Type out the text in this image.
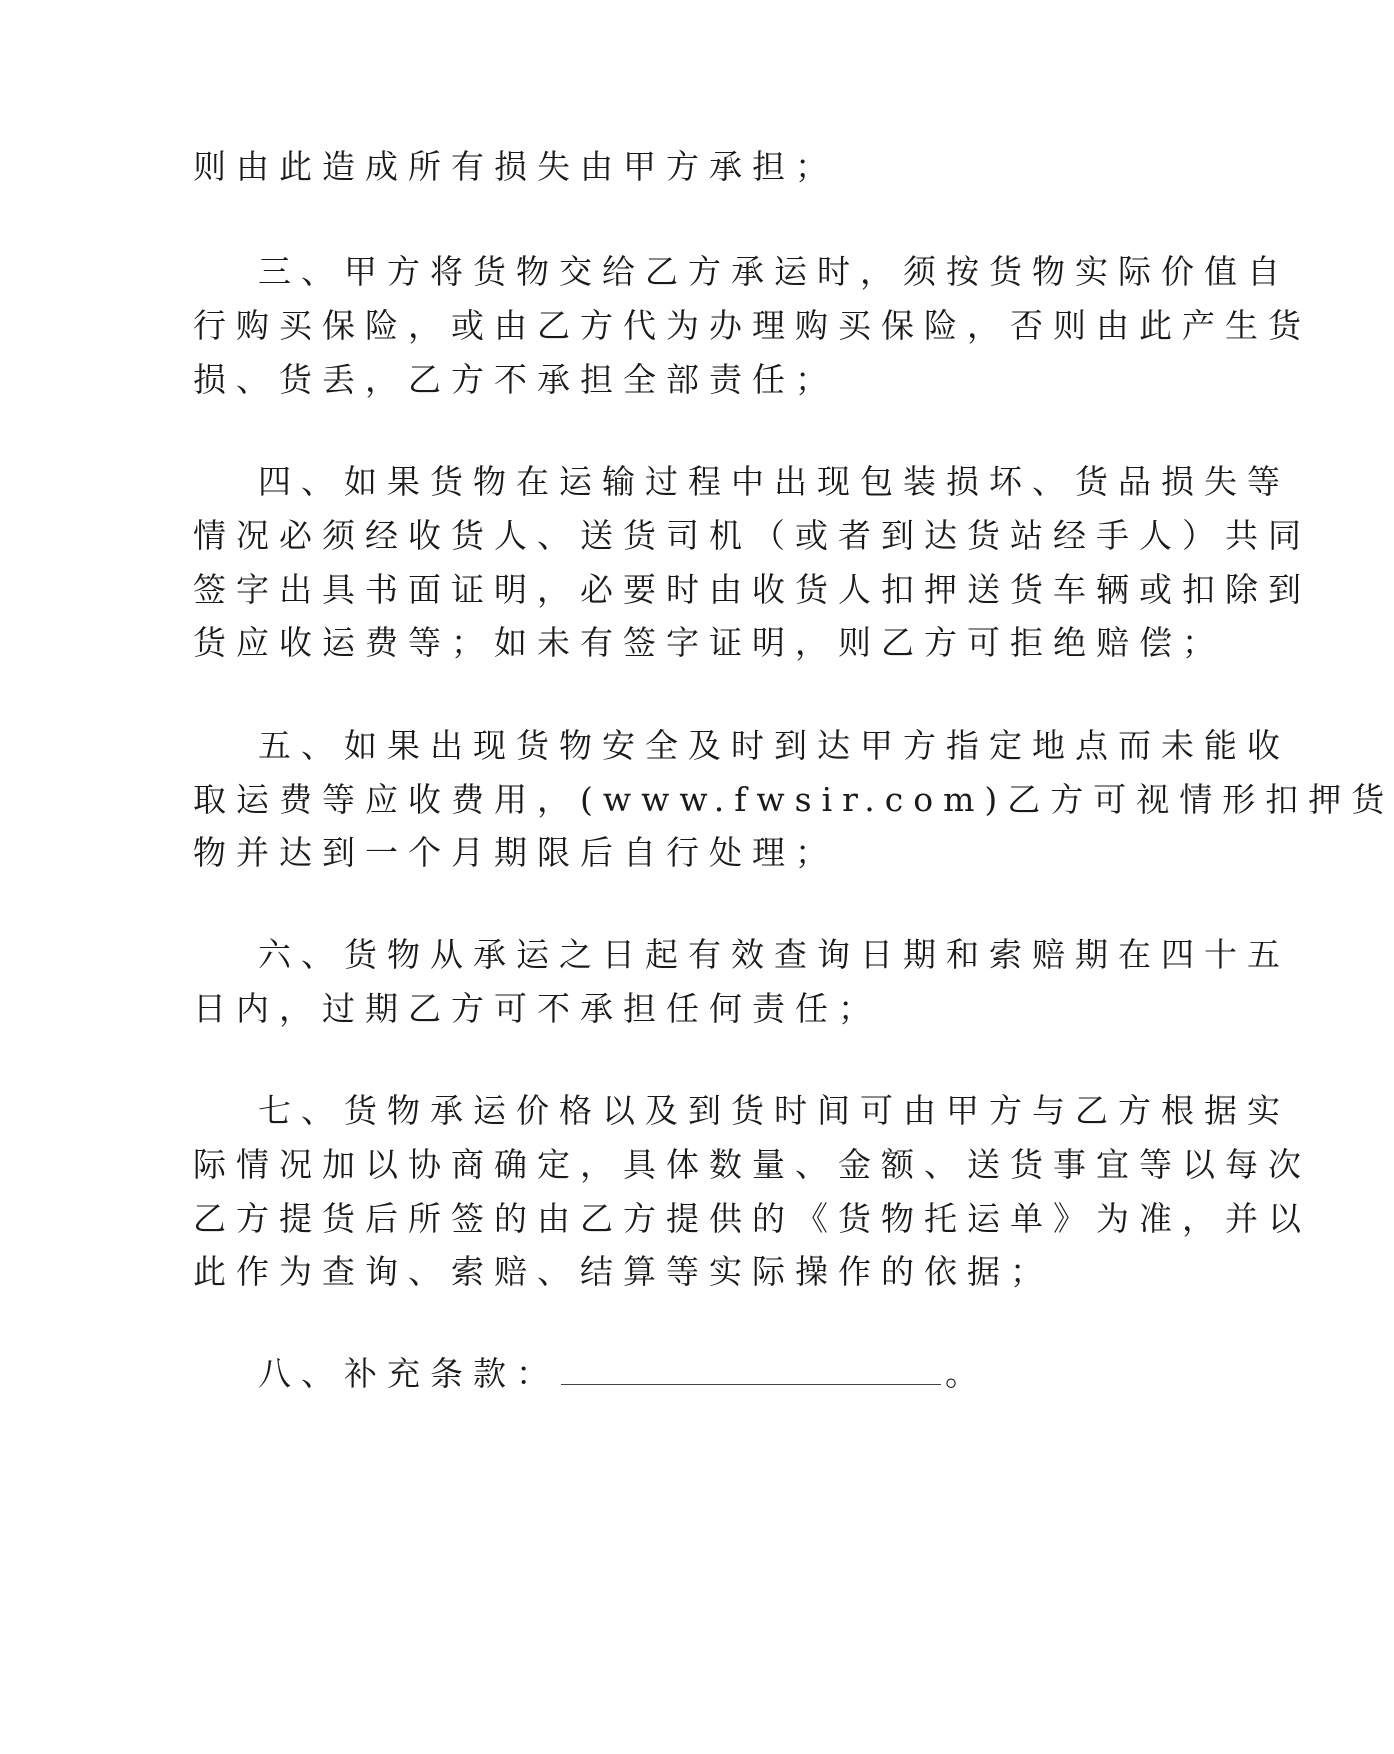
则由此造成所有损失由甲方承担；
三、甲方将货物交给乙方承运时，须按货物实际价值自
行购买保险，或由乙方代为办理购买保险，否则由此产生货
损、货丢，乙方不承担全部责任；
四、如果货物在运输过程中出现包装损坏、货品损失等
情况必须经收货人、送货司机（或者到达货站经手人）共同
签字出具书面证明，必要时由收货人扣押送货车辆或扣除到
货应收运费等；如未有签字证明，则乙方可拒绝赔偿；
五、如果出现货物安全及时到达甲方指定地点而未能收
取运费等应收费用，(www.fwsir.com)乙方可视情形扣押货
物并达到一个月期限后自行处理；
六、货物从承运之日起有效查询日期和索赔期在四十五
日内，过期乙方可不承担任何责任；
七、货物承运价格以及到货时间可由甲方与乙方根据实
际情况加以协商确定，具体数量、金额、送货事宜等以每次
乙方提货后所签的由乙方提供的《货物托运单》为准，并以
此作为查询、索赔、结算等实际操作的依据；
八、补充条款：	。
